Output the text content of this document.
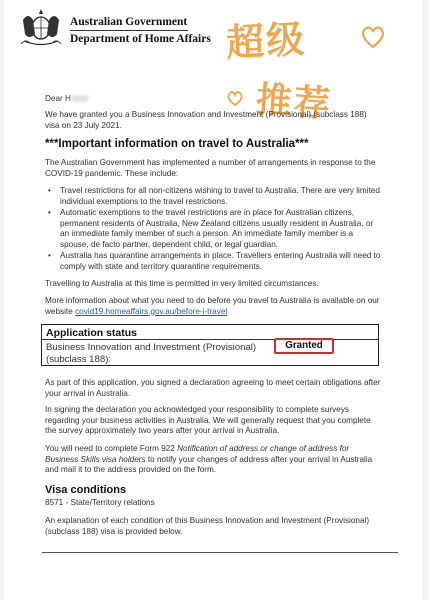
Australian Government
Department of Home Affairs 超级
推荐

Dear H

We have granted you a Business Innovation and Investment (Provisional) (subclass 188)
visa on 23 July 2021.

***Important information on travel to Australia***

The Australian Government has implemented a number of arrangements in response to the
COVID-19 pandemic. These include:

• Travel restrictions for all non-citizens wishing to travel to Australia. There are very limited individual exemptions to the travel restrictions.
• Automatic exemptions to the travel restrictions are in place for Australian citizens, permanent residents of Australia, New Zealand citizens usually resident in Australia, or an immediate family member of such a person. An immediate family member is a spouse, de facto partner, dependent child, or legal guardian.
• Australia has quarantine arrangements in place. Travellers entering Australia will need to comply with state and territory quarantine requirements.

Travelling to Australia at this time is permitted in very limited circumstances.

More information about what you need to do before you travel to Australia is available on our
website covid19.homeaffairs.gov.au/before-i-travel

Application status
Business Innovation and Investment (Provisional)
(subclass 188):
Granted

As part of this application, you signed a declaration agreeing to meet certain obligations after
your arrival in Australia.

In signing the declaration you acknowledged your responsibility to complete surveys
regarding your business activities in Australia. We will generally request that you complete
the survey approximately two years after your arrival in Australia.

You will need to complete Form 922 Notification of address or change of address for
Business Skills visa holders to notify your changes of address after your arrival in Australia
and mail it to the address provided on the form.

Visa conditions

8571 - State/Territory relations

An explanation of each condition of this Business Innovation and Investment (Provisional)
(subclass 188) visa is provided below.
